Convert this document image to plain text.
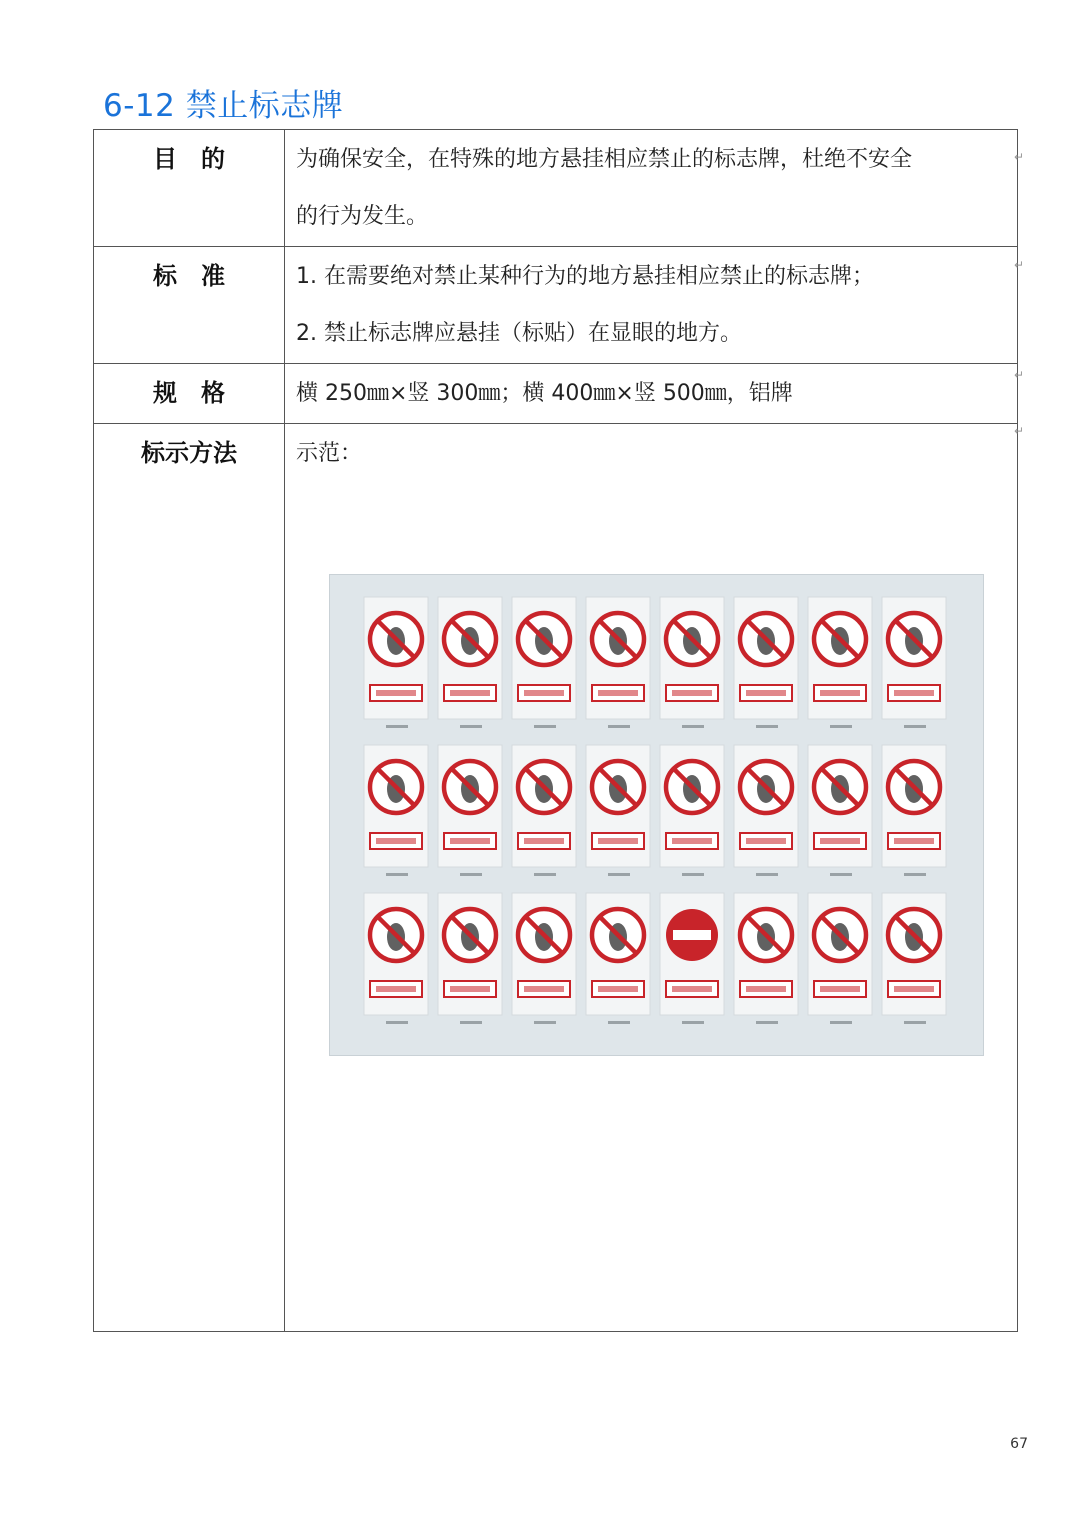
6-12 禁止标志牌
目　的	为确保安全，在特殊的地方悬挂相应禁止的标志牌，杜绝不安全
的行为发生。

标　准	1. 在需要绝对禁止某种行为的地方悬挂相应禁止的标志牌；
2. 禁止标志牌应悬挂（标贴）在显眼的地方。

规　格	横 250㎜×竖 300㎜；横 400㎜×竖 500㎜，铝牌

标示方法	示范：
↵
↵
↵
↵
67
